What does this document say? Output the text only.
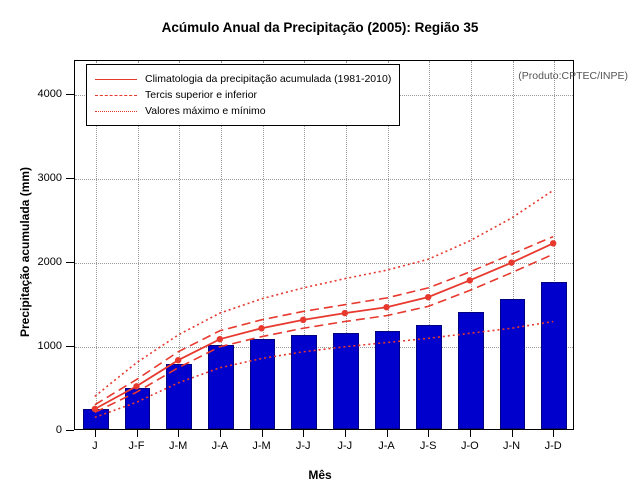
Acúmulo Anual da Precipitação (2005): Região 35
Mês
Precipitação acumulada (mm)
0
1000
2000
3000
4000
J	J-F J-M J-A J-M J-J J-J J-A J-S J-O J-N J-D
Climatologia da precipitação acumulada (1981-2010)
Tercis superior e inferior
Valores máximo e mínimo
(Produto:CPTEC/INPE)
